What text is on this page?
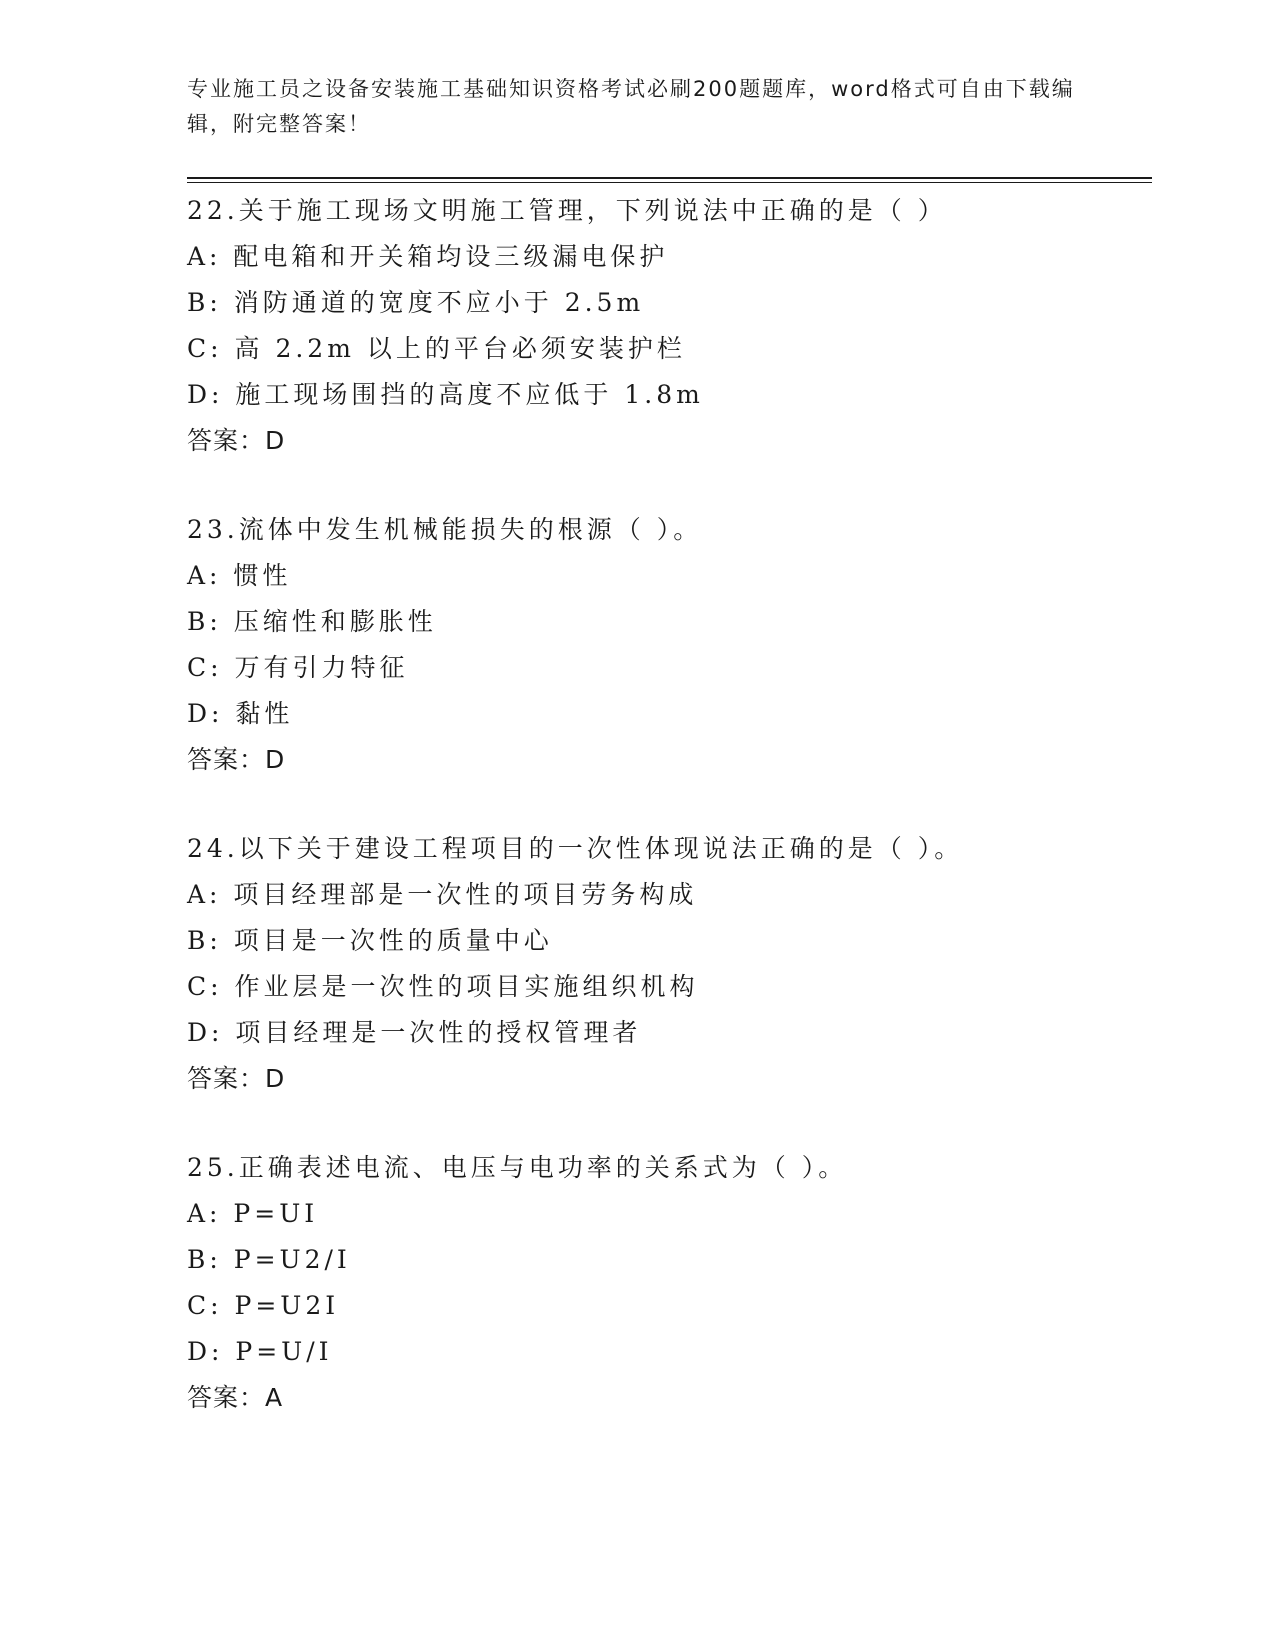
专业施工员之设备安装施工基础知识资格考试必刷200题题库，word格式可自由下载编辑，附完整答案！
22.关于施工现场文明施工管理，下列说法中正确的是（ ）
A: 配电箱和开关箱均设三级漏电保护
B: 消防通道的宽度不应小于 2.5m
C: 高 2.2m 以上的平台必须安装护栏
D: 施工现场围挡的高度不应低于 1.8m
答案：D
23.流体中发生机械能损失的根源（ ）。
A: 惯性
B: 压缩性和膨胀性
C: 万有引力特征
D: 黏性
答案：D
24.以下关于建设工程项目的一次性体现说法正确的是（ ）。
A: 项目经理部是一次性的项目劳务构成
B: 项目是一次性的质量中心
C: 作业层是一次性的项目实施组织机构
D: 项目经理是一次性的授权管理者
答案：D
25.正确表述电流、电压与电功率的关系式为（ ）。
A: P=UI
B: P=U2/I
C: P=U2I
D: P=U/I
答案：A
